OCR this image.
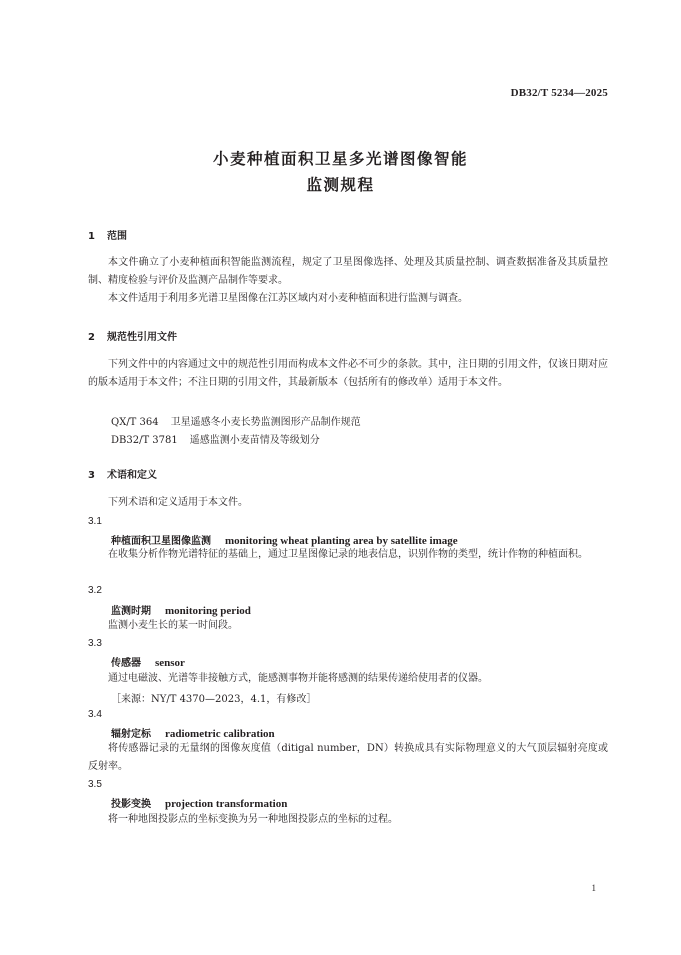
DB32/T 5234—2025
小麦种植面积卫星多光谱图像智能
监测规程
1 范围
本文件确立了小麦种植面积智能监测流程，规定了卫星图像选择、处理及其质量控制、调查数据准备及其质量控制、精度检验与评价及监测产品制作等要求。
本文件适用于利用多光谱卫星图像在江苏区域内对小麦种植面积进行监测与调查。
2 规范性引用文件
下列文件中的内容通过文中的规范性引用而构成本文件必不可少的条款。其中，注日期的引用文件，仅该日期对应的版本适用于本文件；不注日期的引用文件，其最新版本（包括所有的修改单）适用于本文件。
QX/T 364 卫星遥感冬小麦长势监测图形产品制作规范
DB32/T 3781 遥感监测小麦苗情及等级划分
3 术语和定义
下列术语和定义适用于本文件。
3.1
种植面积卫星图像监测 monitoring wheat planting area by satellite image
在收集分析作物光谱特征的基础上，通过卫星图像记录的地表信息，识别作物的类型，统计作物的种植面积。
3.2
监测时期 monitoring period
监测小麦生长的某一时间段。
3.3
传感器 sensor
通过电磁波、光谱等非接触方式，能感测事物并能将感测的结果传递给使用者的仪器。
［来源：NY/T 4370—2023，4.1，有修改］
3.4
辐射定标 radiometric calibration
将传感器记录的无量纲的图像灰度值（ditigal number，DN）转换成具有实际物理意义的大气顶层辐射亮度或反射率。
3.5
投影变换 projection transformation
将一种地图投影点的坐标变换为另一种地图投影点的坐标的过程。
1
